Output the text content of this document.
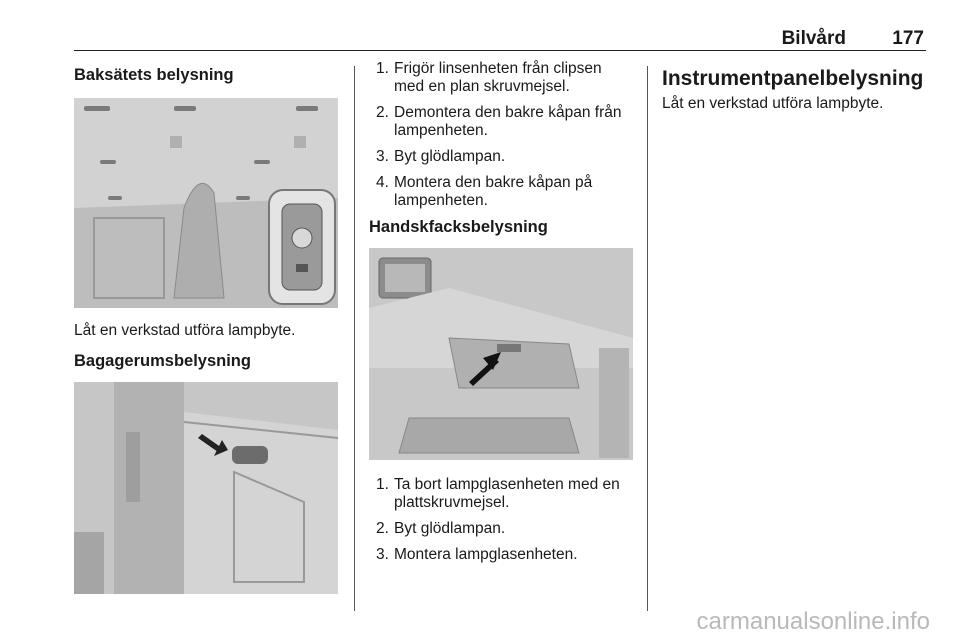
Bilvård 177
Baksätets belysning

Låt en verkstad utföra lampbyte.

Bagagerumsbelysning
1. Frigör linsenheten från clipsen med en plan skruvmejsel.
2. Demontera den bakre kåpan från lampenheten.
3. Byt glödlampan.
4. Montera den bakre kåpan på lampenheten.
Handskfacksbelysning
1. Ta bort lampglasenheten med en plattskruvmejsel.
2. Byt glödlampan.
3. Montera lampglasenheten.
Instrumentpanelbelysning

Låt en verkstad utföra lampbyte.

carmanualsonline.info
